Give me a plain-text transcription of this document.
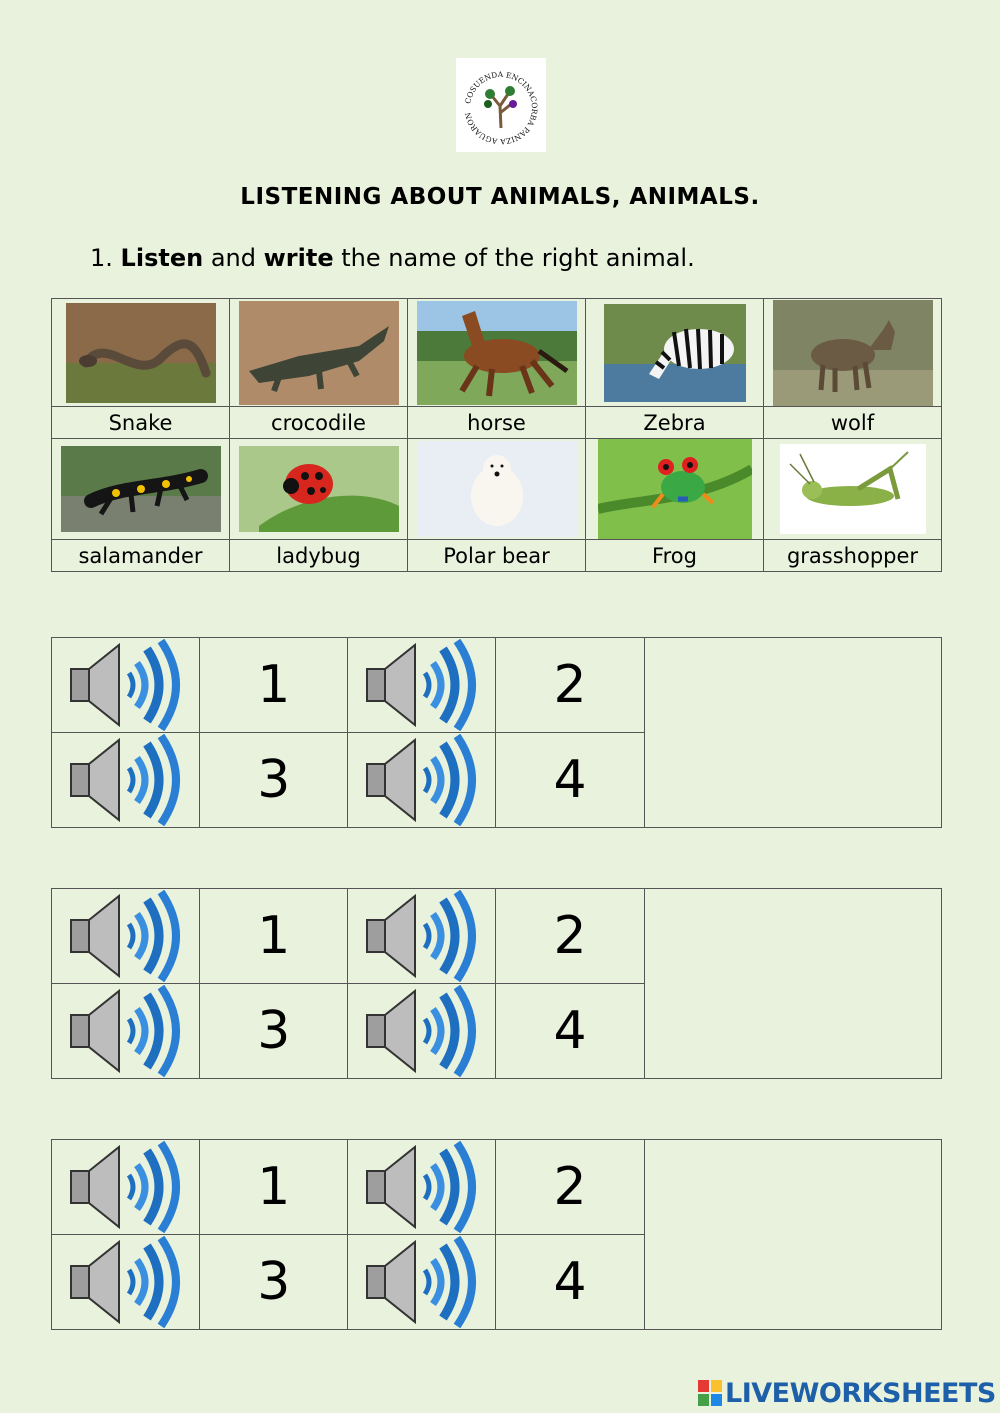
COSUENDA ENCINACORBA PANIZA AGUARON
LISTENING ABOUT ANIMALS, ANIMALS.
1. Listen and write the name of the right animal.

Snake	crocodile	horse	Zebra	wolf

salamander	ladybug	Polar bear	Frog	grasshopper
	1		2	

	3		4	
	1		2	

	3		4	
	1		2	

	3		4	
LIVEWORKSHEETS
